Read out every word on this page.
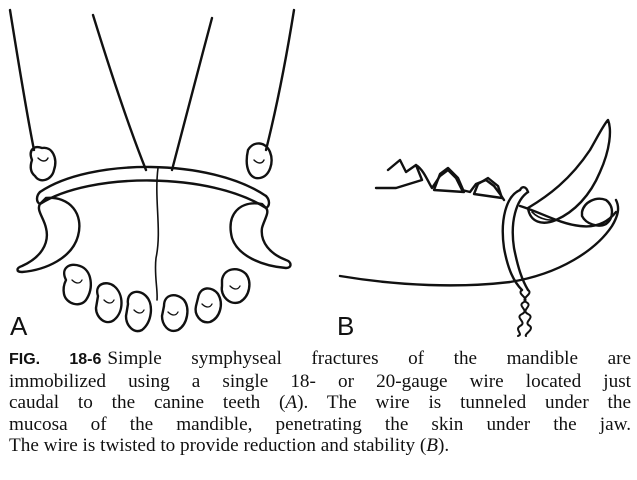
A	B
FIG. 18-6 Simple symphyseal fractures of the mandible are
immobilized using a single 18- or 20-gauge wire located just
caudal to the canine teeth (A). The wire is tunneled under the
mucosa of the mandible, penetrating the skin under the jaw.
The wire is twisted to provide reduction and stability (B).
